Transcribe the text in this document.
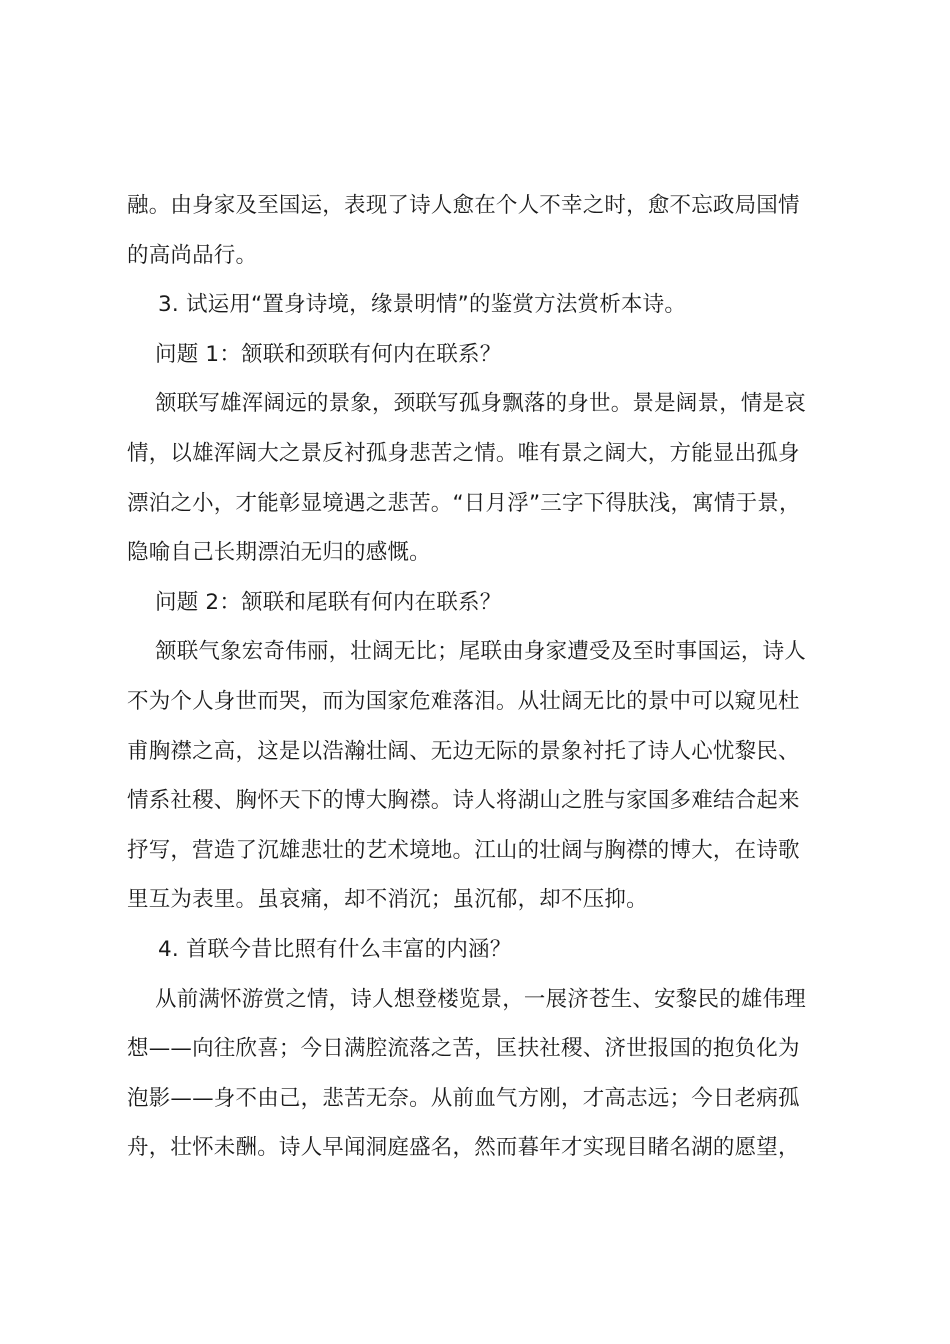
融。由身家及至国运，表现了诗人愈在个人不幸之时，愈不忘政局国情
的高尚品行。
3. 试运用“置身诗境，缘景明情”的鉴赏方法赏析本诗。
问题 1：颔联和颈联有何内在联系？
颔联写雄浑阔远的景象，颈联写孤身飘落的身世。景是阔景，情是哀
情，以雄浑阔大之景反衬孤身悲苦之情。唯有景之阔大，方能显出孤身
漂泊之小，才能彰显境遇之悲苦。“日月浮”三字下得肤浅，寓情于景，
隐喻自己长期漂泊无归的感慨。
问题 2：颔联和尾联有何内在联系？
颔联气象宏奇伟丽，壮阔无比；尾联由身家遭受及至时事国运，诗人
不为个人身世而哭，而为国家危难落泪。从壮阔无比的景中可以窥见杜
甫胸襟之高，这是以浩瀚壮阔、无边无际的景象衬托了诗人心忧黎民、
情系社稷、胸怀天下的博大胸襟。诗人将湖山之胜与家国多难结合起来
抒写，营造了沉雄悲壮的艺术境地。江山的壮阔与胸襟的博大，在诗歌
里互为表里。虽哀痛，却不消沉；虽沉郁，却不压抑。
4. 首联今昔比照有什么丰富的内涵？
从前满怀游赏之情，诗人想登楼览景，一展济苍生、安黎民的雄伟理
想——向往欣喜；今日满腔流落之苦，匡扶社稷、济世报国的抱负化为
泡影——身不由己，悲苦无奈。从前血气方刚，才高志远；今日老病孤
舟，壮怀未酬。诗人早闻洞庭盛名，然而暮年才实现目睹名湖的愿望，
